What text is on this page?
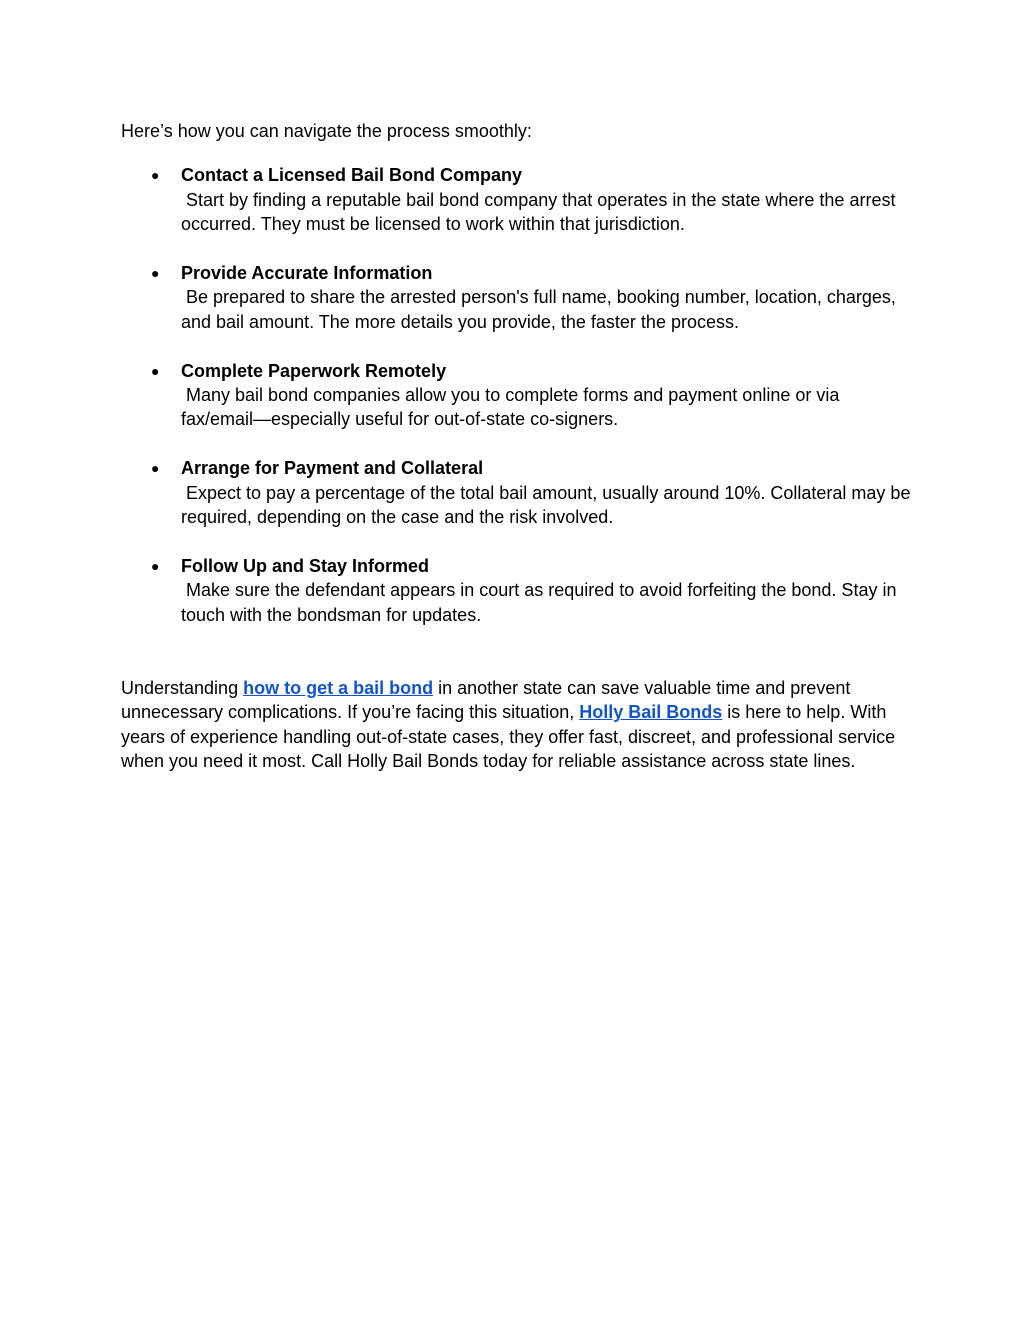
Here’s how you can navigate the process smoothly:

● Contact a Licensed Bail Bond Company
Start by finding a reputable bail bond company that operates in the state where the arrest occurred. They must be licensed to work within that jurisdiction.
● Provide Accurate Information
Be prepared to share the arrested person's full name, booking number, location, charges, and bail amount. The more details you provide, the faster the process.
● Complete Paperwork Remotely
Many bail bond companies allow you to complete forms and payment online or via fax/email—especially useful for out-of-state co-signers.
● Arrange for Payment and Collateral
Expect to pay a percentage of the total bail amount, usually around 10%. Collateral may be required, depending on the case and the risk involved.
● Follow Up and Stay Informed
Make sure the defendant appears in court as required to avoid forfeiting the bond. Stay in touch with the bondsman for updates.

Understanding how to get a bail bond in another state can save valuable time and prevent unnecessary complications. If you’re facing this situation, Holly Bail Bonds is here to help. With years of experience handling out-of-state cases, they offer fast, discreet, and professional service when you need it most. Call Holly Bail Bonds today for reliable assistance across state lines.
